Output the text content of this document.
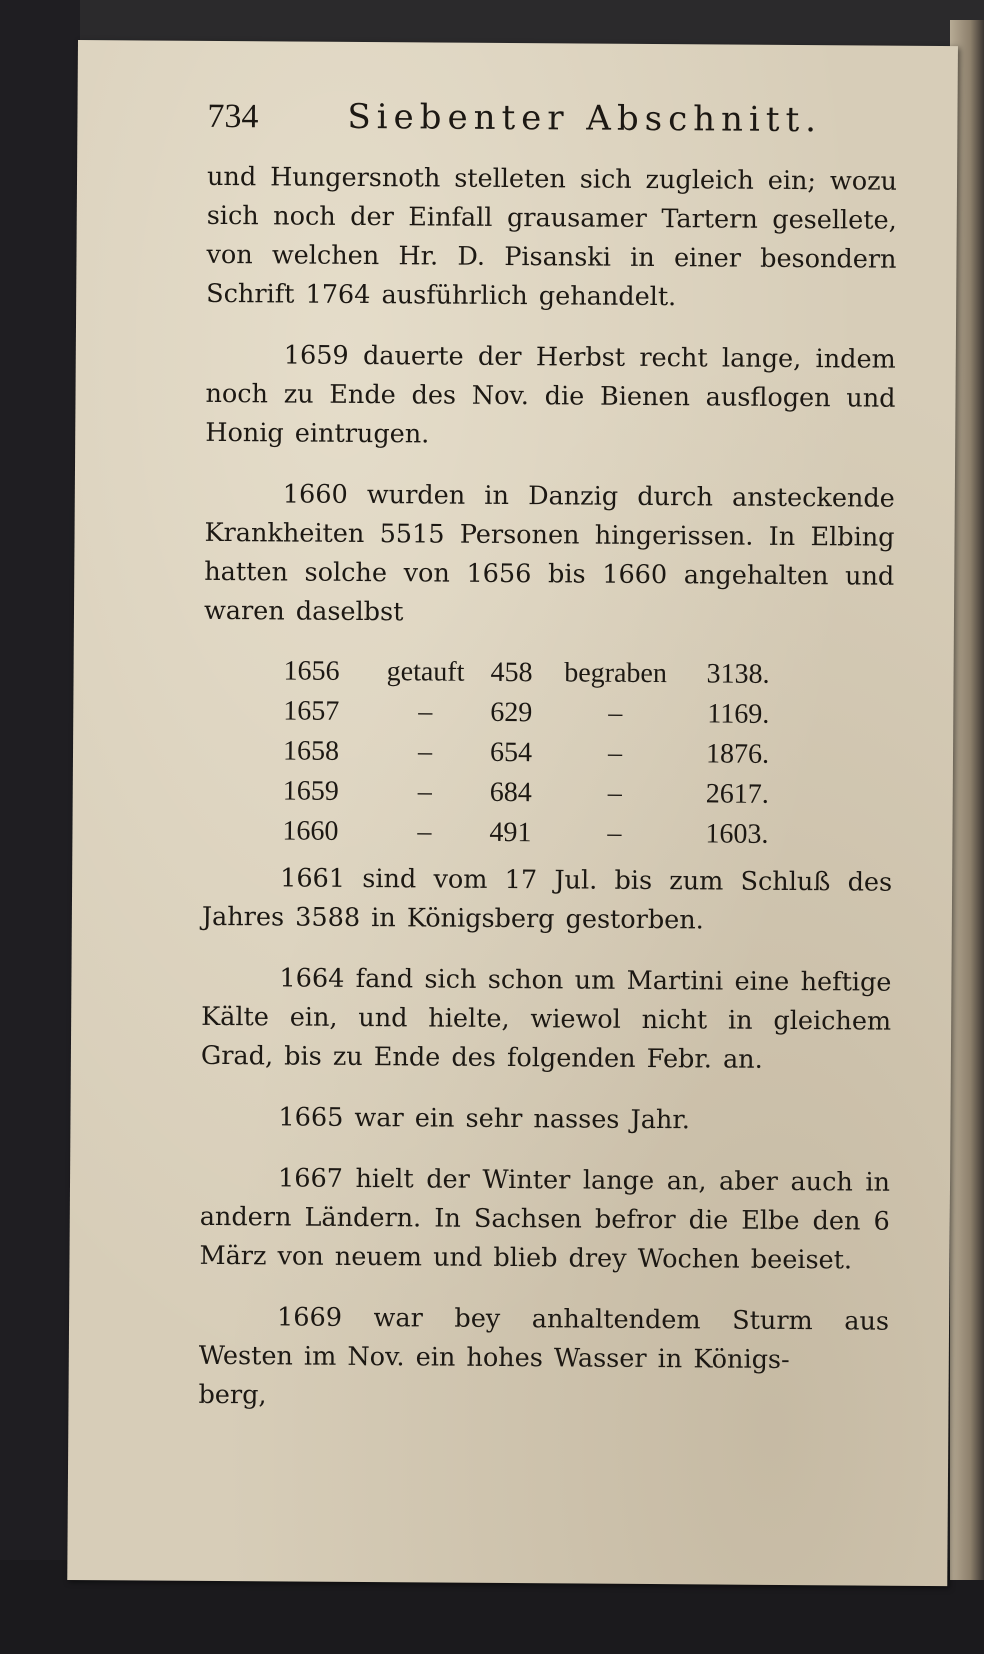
734	Siebenter Abschnitt.

und Hungersnoth stelleten sich zugleich ein; wozu sich noch der Einfall grausamer Tartern gesellete, von welchen Hr. D. Pisanski in einer besondern Schrift 1764 ausführlich gehandelt.

1659 dauerte der Herbst recht lange, indem noch zu Ende des Nov. die Bienen ausflogen und Honig eintrugen.

1660 wurden in Danzig durch ansteckende Krankheiten 5515 Personen hingerissen. In Elbing hatten solche von 1656 bis 1660 angehalten und waren daselbst

1656	getauft 458	begraben	3138.
1657	–	629	–	1169.
1658	–	654	–	1876.
1659	–	684	–	2617.
1660	–	491	–	1603.

1661 sind vom 17 Jul. bis zum Schluß des Jahres 3588 in Königsberg gestorben.

1664 fand sich schon um Martini eine heftige Kälte ein, und hielte, wiewol nicht in gleichem Grad, bis zu Ende des folgenden Febr. an.

1665 war ein sehr nasses Jahr.

1667 hielt der Winter lange an, aber auch in andern Ländern. In Sachsen befror die Elbe den 6 März von neuem und blieb drey Wochen beeiset.

1669 war bey anhaltendem Sturm aus Westen im Nov. ein hohes Wasser in Königs-

berg,
